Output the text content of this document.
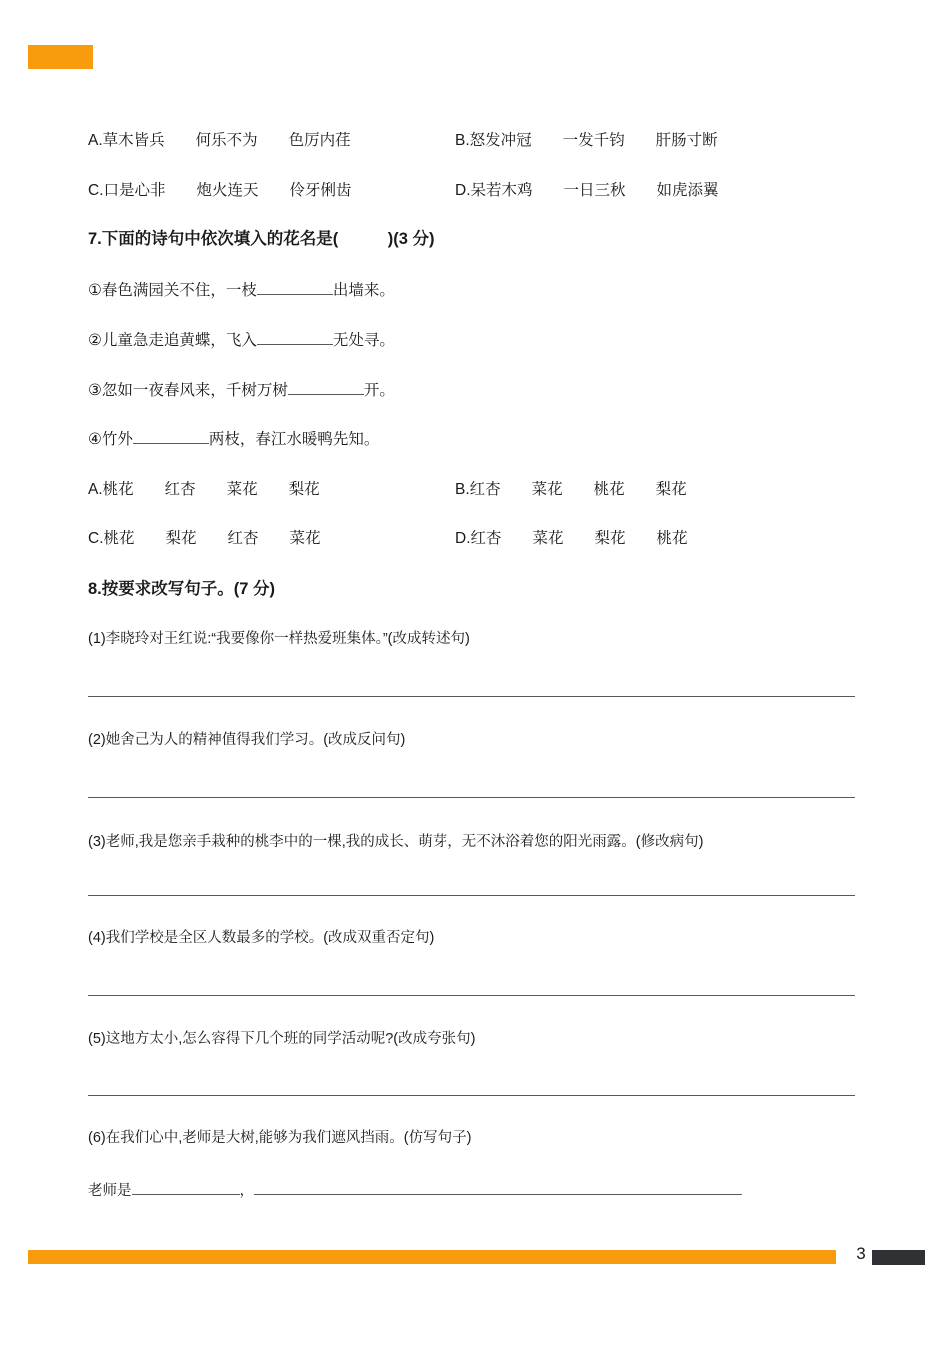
A.草木皆兵　　何乐不为　　色厉内荏	B.怒发冲冠　　一发千钧　　肝肠寸断
C.口是心非　　炮火连天　　伶牙俐齿	D.呆若木鸡　　一日三秋　　如虎添翼
7.下面的诗句中依次填入的花名是(　　　)(3 分)
①春色满园关不住，一枝	出墙来。
②儿童急走追黄蝶，飞入	无处寻。
③忽如一夜春风来，千树万树	开。
④竹外	两枝，春江水暖鸭先知。
A.桃花　　红杏　　菜花　　梨花	B.红杏　　菜花　　桃花　　梨花
C.桃花　　梨花　　红杏　　菜花	D.红杏　　菜花　　梨花　　桃花
8.按要求改写句子。(7 分)
(1)李晓玲对王红说:“我要像你一样热爱班集体。”(改成转述句)
(2)她舍己为人的精神值得我们学习。(改成反问句)
(3)老师,我是您亲手栽种的桃李中的一棵,我的成长、萌芽，无不沐浴着您的阳光雨露。(修改病句)
(4)我们学校是全区人数最多的学校。(改成双重否定句)
(5)这地方太小,怎么容得下几个班的同学活动呢?(改成夸张句)
(6)在我们心中,老师是大树,能够为我们遮风挡雨。(仿写句子)
老师是	，
3
